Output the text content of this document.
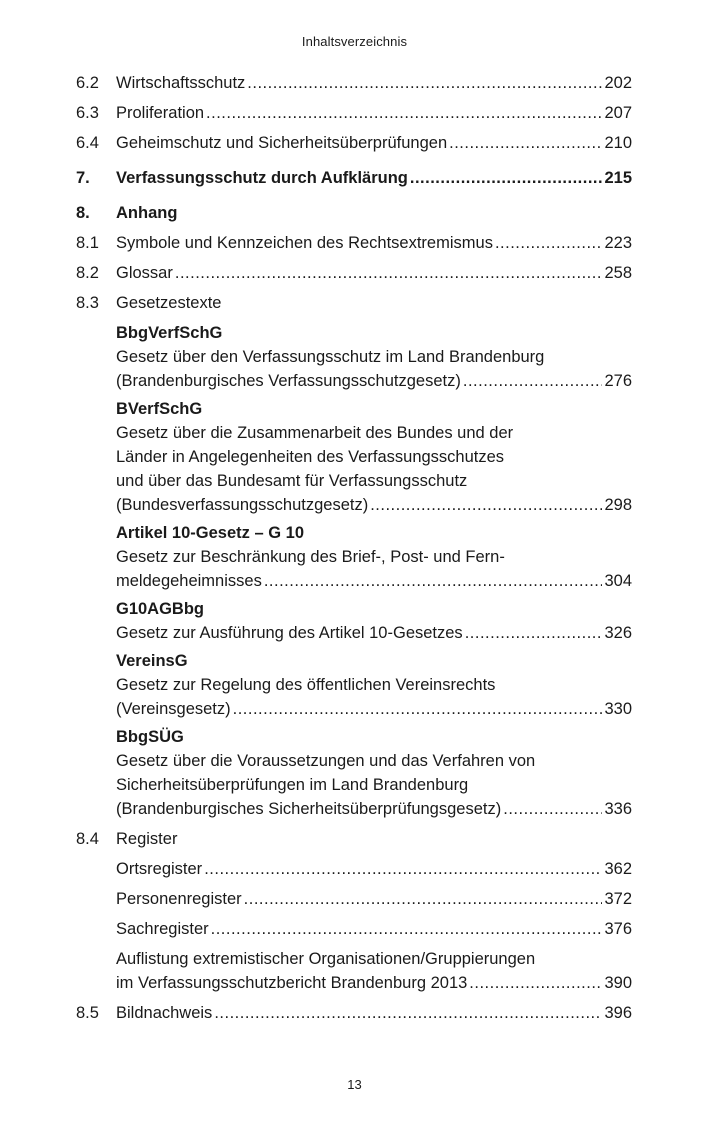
Inhaltsverzeichnis
6.2	Wirtschaftsschutz .....	202
6.3	Proliferation .....	207
6.4	Geheimschutz und Sicherheitsüberprüfungen .....	210
7.	Verfassungsschutz durch Aufklärung .....	215
8.	Anhang
8.1	Symbole und Kennzeichen des Rechtsextremismus .....	223
8.2	Glossar .....	258
8.3	Gesetzestexte
BbgVerfSchG
Gesetz über den Verfassungsschutz im Land Brandenburg
(Brandenburgisches Verfassungsschutzgesetz) .....	276
BVerfSchG
Gesetz über die Zusammenarbeit des Bundes und der
Länder in Angelegenheiten des Verfassungsschutzes
und über das Bundesamt für Verfassungsschutz
(Bundesverfassungsschutzgesetz) .....	298
Artikel 10-Gesetz – G 10
Gesetz zur Beschränkung des Brief-, Post- und Fern-
meldegeheimnisses .....	304
G10AGBbg
Gesetz zur Ausführung des Artikel 10-Gesetzes .....	326
VereinsG
Gesetz zur Regelung des öffentlichen Vereinsrechts
(Vereinsgesetz) .....	330
BbgSÜG
Gesetz über die Voraussetzungen und das Verfahren von
Sicherheitsüberprüfungen im Land Brandenburg
(Brandenburgisches Sicherheitsüberprüfungsgesetz) .....	336
8.4	Register
Ortsregister .....	362
Personenregister .....	372
Sachregister .....	376
Auflistung extremistischer Organisationen/Gruppierungen
im Verfassungsschutzbericht Brandenburg 2013 .....	390
8.5	Bildnachweis .....	396
13
